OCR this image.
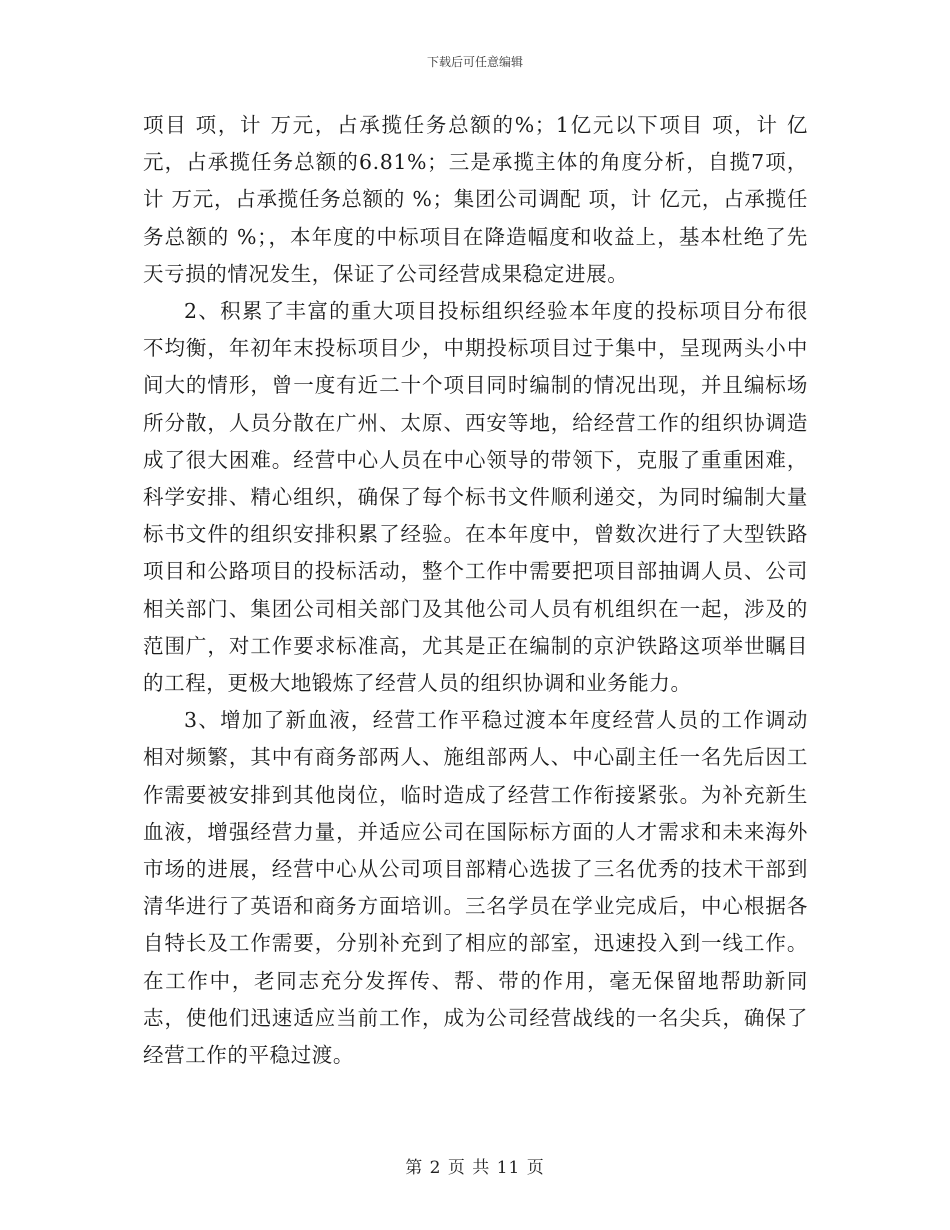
下载后可任意编辑

项目 项，计 万元，占承揽任务总额的%；1亿元以下项目 项，计 亿元，占承揽任务总额的6.81%；三是承揽主体的角度分析，自揽7项，计 万元，占承揽任务总额的 %；集团公司调配 项，计 亿元，占承揽任务总额的 %；，本年度的中标项目在降造幅度和收益上，基本杜绝了先天亏损的情况发生，保证了公司经营成果稳定进展。

2、积累了丰富的重大项目投标组织经验本年度的投标项目分布很不均衡，年初年末投标项目少，中期投标项目过于集中，呈现两头小中间大的情形，曾一度有近二十个项目同时编制的情况出现，并且编标场所分散，人员分散在广州、太原、西安等地，给经营工作的组织协调造成了很大困难。经营中心人员在中心领导的带领下，克服了重重困难，科学安排、精心组织，确保了每个标书文件顺利递交，为同时编制大量标书文件的组织安排积累了经验。在本年度中，曾数次进行了大型铁路项目和公路项目的投标活动，整个工作中需要把项目部抽调人员、公司相关部门、集团公司相关部门及其他公司人员有机组织在一起，涉及的范围广，对工作要求标准高，尤其是正在编制的京沪铁路这项举世瞩目的工程，更极大地锻炼了经营人员的组织协调和业务能力。

3、增加了新血液，经营工作平稳过渡本年度经营人员的工作调动相对频繁，其中有商务部两人、施组部两人、中心副主任一名先后因工作需要被安排到其他岗位，临时造成了经营工作衔接紧张。为补充新生血液，增强经营力量，并适应公司在国际标方面的人才需求和未来海外市场的进展，经营中心从公司项目部精心选拔了三名优秀的技术干部到清华进行了英语和商务方面培训。三名学员在学业完成后，中心根据各自特长及工作需要，分别补充到了相应的部室，迅速投入到一线工作。在工作中，老同志充分发挥传、帮、带的作用，毫无保留地帮助新同志，使他们迅速适应当前工作，成为公司经营战线的一名尖兵，确保了经营工作的平稳过渡。

第 2 页 共 11 页
